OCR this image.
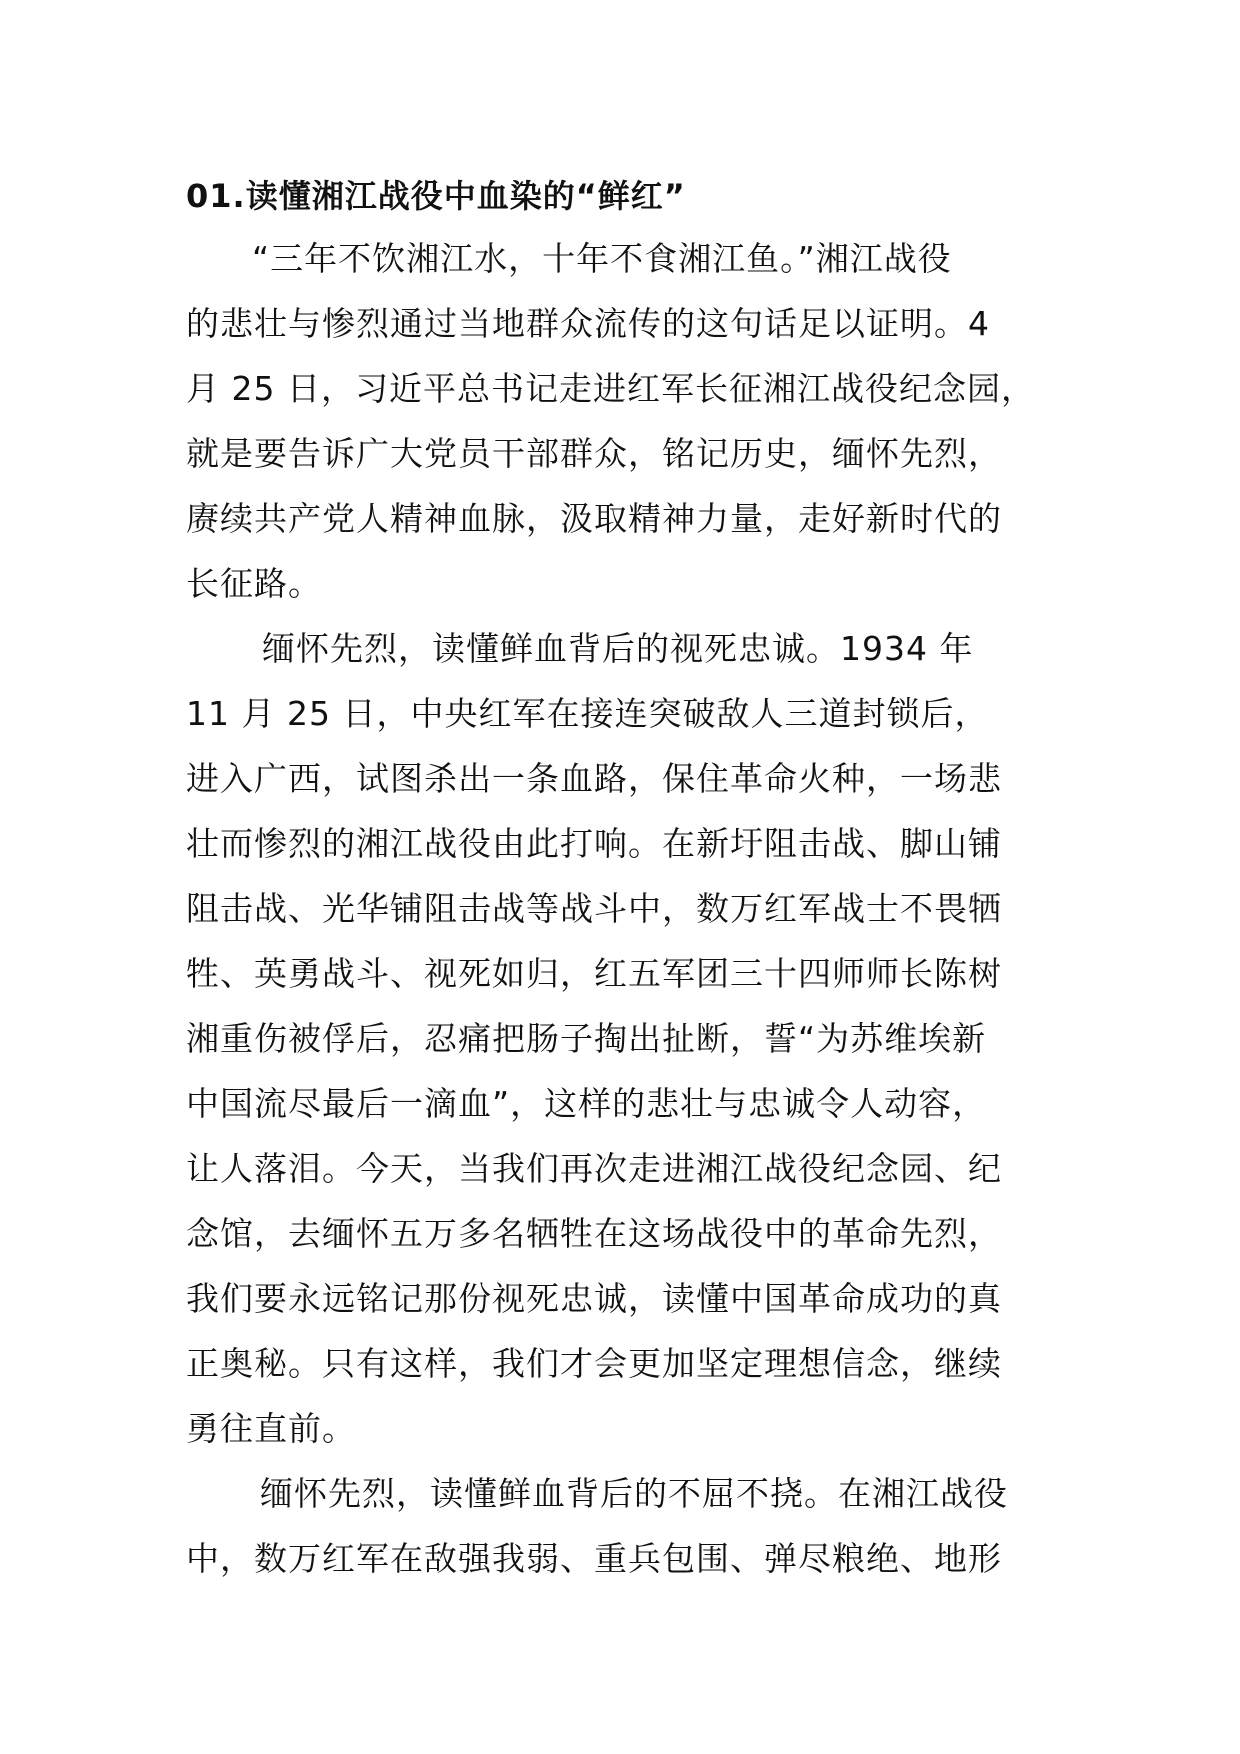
01.读懂湘江战役中血染的“鲜红”

“三年不饮湘江水，十年不食湘江鱼。”湘江战役

的悲壮与惨烈通过当地群众流传的这句话足以证明。4

月 25 日，习近平总书记走进红军长征湘江战役纪念园，

就是要告诉广大党员干部群众，铭记历史，缅怀先烈，

赓续共产党人精神血脉，汲取精神力量，走好新时代的

长征路。

缅怀先烈，读懂鲜血背后的视死忠诚。1934 年

11 月 25 日，中央红军在接连突破敌人三道封锁后，

进入广西，试图杀出一条血路，保住革命火种，一场悲

壮而惨烈的湘江战役由此打响。在新圩阻击战、脚山铺

阻击战、光华铺阻击战等战斗中，数万红军战士不畏牺

牲、英勇战斗、视死如归，红五军团三十四师师长陈树

湘重伤被俘后，忍痛把肠子掏出扯断，誓“为苏维埃新

中国流尽最后一滴血”，这样的悲壮与忠诚令人动容，

让人落泪。今天，当我们再次走进湘江战役纪念园、纪

念馆，去缅怀五万多名牺牲在这场战役中的革命先烈，

我们要永远铭记那份视死忠诚，读懂中国革命成功的真

正奥秘。只有这样，我们才会更加坚定理想信念，继续

勇往直前。

缅怀先烈，读懂鲜血背后的不屈不挠。在湘江战役

中，数万红军在敌强我弱、重兵包围、弹尽粮绝、地形
